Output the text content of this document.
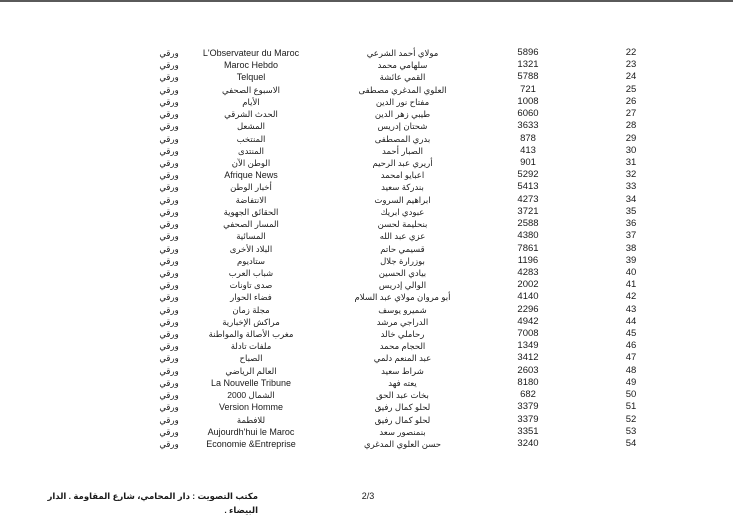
ورقي	L'Observateur du Maroc	مولاي أحمد الشرعي	5896	22
ورقي	Maroc Hebdo	سلهامي محمد	1321	23
ورقي	Telquel	القمي عائشة	5788	24
ورقي	الاسبوع الصحفي	العلوي المدغري مصطفى	721	25
ورقي	الأيام	مفتاح نور الدين	1008	26
ورقي	الحدث الشرقي	طيبي زهر الدين	6060	27
ورقي	المشعل	شحتان إدريس	3633	28
ورقي	المنتخب	بدري المصطفى	878	29
ورقي	المنتدى	الصبار أحمد	413	30
ورقي	الوطن الآن	أريري عبد الرحيم	901	31
ورقي	Afrique News	اعبايو امحمد	5292	32
ورقي	أخبار الوطن	بندركة سعيد	5413	33
ورقي	الانتفاضة	ابراهيم السروت	4273	34
ورقي	الحقائق الجهوية	عبودي ابريك	3721	35
ورقي	المسار الصحفي	بنحليمة لحسن	2588	36
ورقي	المسائية	عزي عبد الله	4380	37
ورقي	البلاد الأخرى	قسيمي حاتم	7861	38
ورقي	ستاديوم	بوزرارة جلال	1196	39
ورقي	شباب العرب	بيادي الحسين	4283	40
ورقي	صدى تاونات	الوالي إدريس	2002	41
ورقي	فضاء الحوار	أبو مروان مولاي عبد السلام	4140	42
ورقي	مجلة زمان	شميرو يوسف	2296	43
ورقي	مراكش الإخبارية	الدراجي مرشد	4942	44
ورقي	مغرب الأصالة والمواطنة	رحاملي خالد	7008	45
ورقي	ملفات تادلة	الحجام محمد	1349	46
ورقي	الصباح	عبد المنعم دلمي	3412	47
ورقي	العالم الرياضي	شراط سعيد	2603	48
ورقي	La Nouvelle Tribune	يعته فهد	8180	49
ورقي	الشمال 2000	بخات عبد الحق	682	50
ورقي	Version Homme	لحلو كمال رفيق	3379	51
ورقي	للافطمة	لحلو كمال رفيق	3379	52
ورقي	Aujourdh'hui le Maroc	بنمنصور سعد	3351	53
ورقي	Economie &Entreprise	حسن العلوي المدغري	3240	54
مكتب التصويت : دار المحامي، شارع المقاومة . الدار البيضاء .
2/3
